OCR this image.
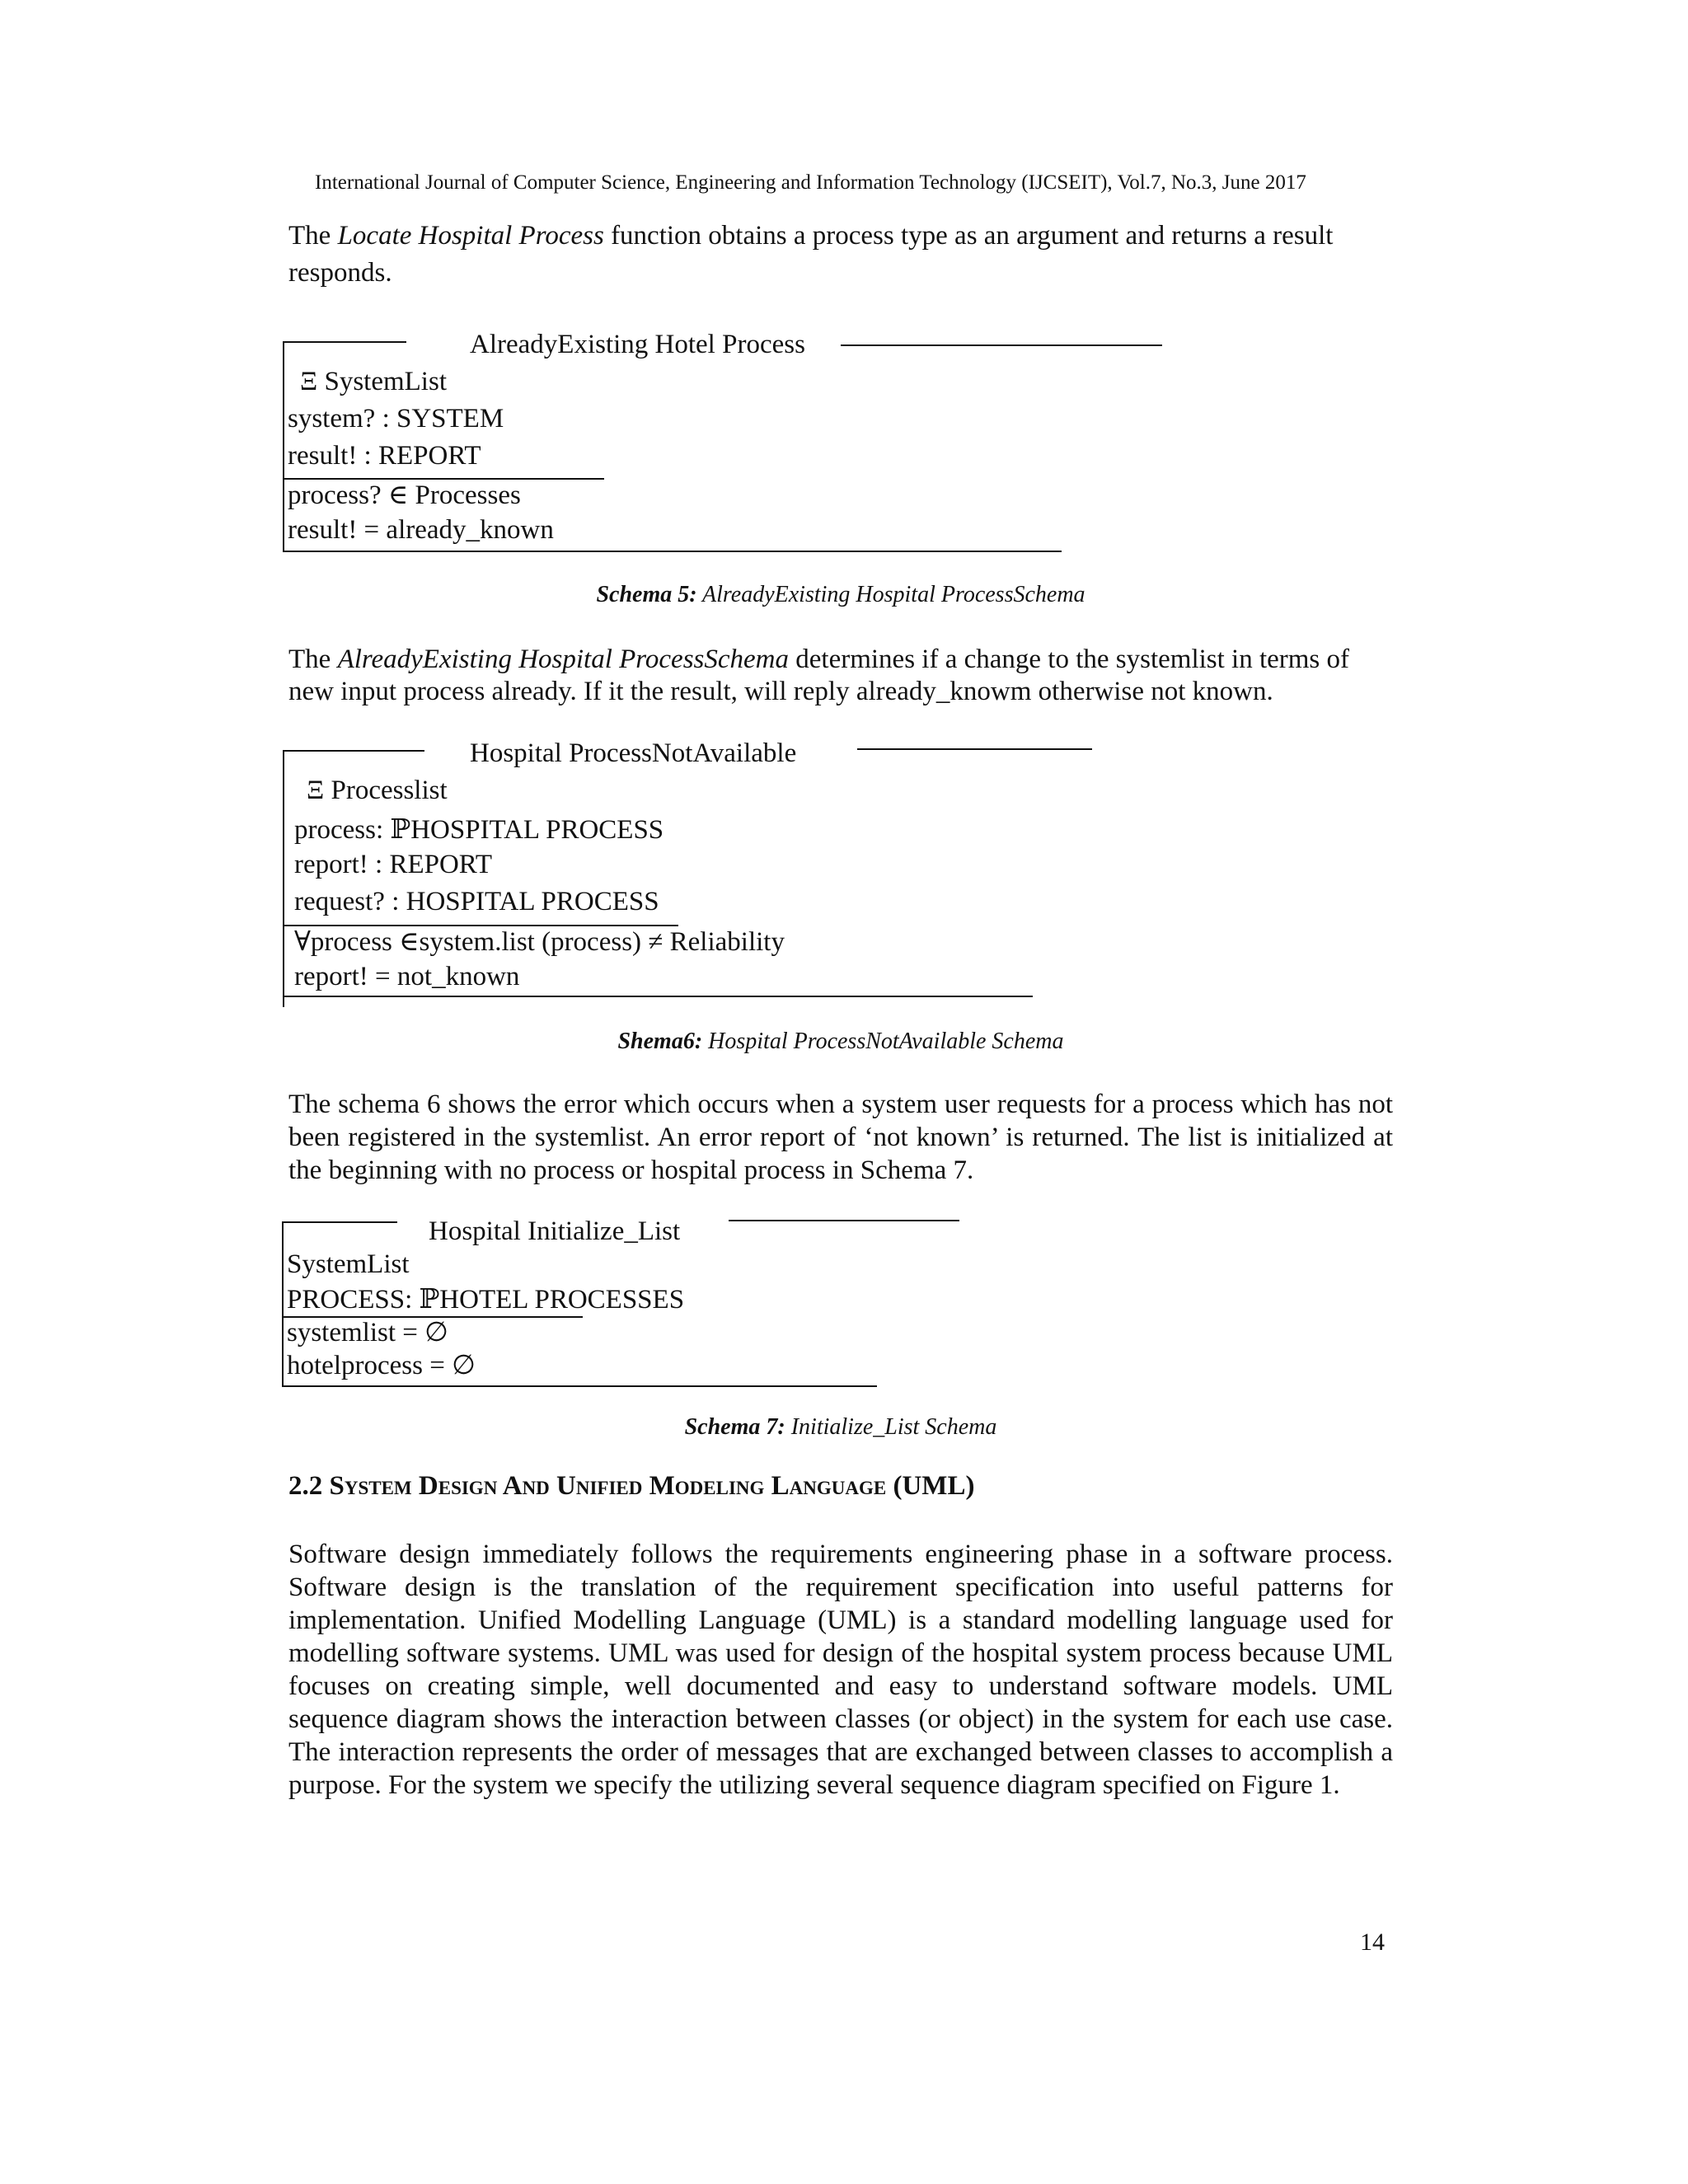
International Journal of Computer Science, Engineering and Information Technology (IJCSEIT), Vol.7, No.3, June 2017
The Locate Hospital Process function obtains a process type as an argument and returns a result
responds.
AlreadyExisting Hotel Process
Ξ SystemList
system? : SYSTEM
result! : REPORT
process? ∈ Processes
result! = already_known
Schema 5: AlreadyExisting Hospital ProcessSchema
The AlreadyExisting Hospital ProcessSchema determines if a change to the systemlist in terms of
new input process already. If it the result, will reply already_knowm otherwise not known.
Hospital ProcessNotAvailable
Ξ Processlist
process: ℙHOSPITAL PROCESS
report! : REPORT
request? : HOSPITAL PROCESS
∀process ∈system.list (process) ≠ Reliability
report! = not_known
Shema6: Hospital ProcessNotAvailable Schema
The schema 6 shows the error which occurs when a system user requests for a process which has not been registered in the systemlist. An error report of ‘not known’ is returned. The list is initialized at the beginning with no process or hospital process in Schema 7.
Hospital Initialize_List
SystemList
PROCESS: ℙHOTEL PROCESSES
systemlist = ∅
hotelprocess = ∅
Schema 7: Initialize_List Schema
2.2 System Design And Unified Modeling Language (UML)
Software design immediately follows the requirements engineering phase in a software process. Software design is the translation of the requirement specification into useful patterns for implementation. Unified Modelling Language (UML) is a standard modelling language used for modelling software systems. UML was used for design of the hospital system process because UML focuses on creating simple, well documented and easy to understand software models. UML sequence diagram shows the interaction between classes (or object) in the system for each use case. The interaction represents the order of messages that are exchanged between classes to accomplish a purpose. For the system we specify the utilizing several sequence diagram specified on Figure 1.
14
